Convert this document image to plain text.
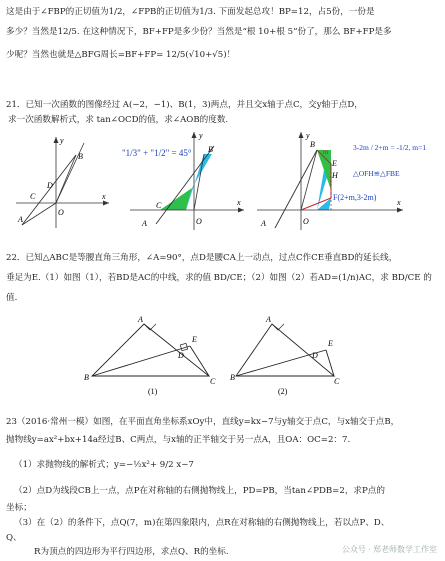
这是由于∠FBP的正切值为1/2，∠FPB的正切值为1/3. 下面发起总攻！BP=12，占5份，一份是
多少？当然是12/5. 在这种情况下，BF+FP是多少份？当然是“根 10+根 5”份了，那么 BF+FP是多
少呢？当然也就是△BFG周长=BF+FP= 12/5(√10+√5)！
21．已知一次函数的图像经过 A(−2，−1)、B(1，3)两点，并且交x轴于点C，交y轴于点D，
求一次函数解析式，求 tan∠OCD的值，求∠AOB的度数.
y
B
A
C
D
x
O
"1/3" + "1/2" = 45°
y
B
A
C
O
x
y
B
m
E
H
x
O
A
F(2+m,3-2m)
3-2m / 2+m = -1/2, m=1
△OFH≌△FBE
22．已知△ABC是等腰直角三角形，∠A=90°，点D是腰CA上一动点，过点C作CE垂直BD的延长线，
垂足为E.（1）如图（1），若BD是AC的中线，求的值 BD/CE；（2）如图（2）若AD=(1/n)AC，求 BD/CE 的
值.
A
B	C
D
E
(1)
A
B	C
D
E
(2)
23（2016·常州一模）如图，在平面直角坐标系xOy中，直线y=kx−7与y轴交于点C，与x轴交于点B，
抛物线y=ax²+bx+14a经过B、C两点，与x轴的正半轴交于另一点A，且OA：OC=2：7.
（1）求抛物线的解析式；y=−½x²+ 9/2 x−7
（2）点D为线段CB上一点，点P在对称轴的右侧抛物线上，PD=PB，当tan∠PDB=2，求P点的
坐标；
（3）在（2）的条件下，点Q(7，m)在第四象限内，点R在对称轴的右侧抛物线上，若以点P、D、
Q、
R为顶点的四边形为平行四边形，求点Q、R的坐标.	公众号 · 郑老师数学工作室
